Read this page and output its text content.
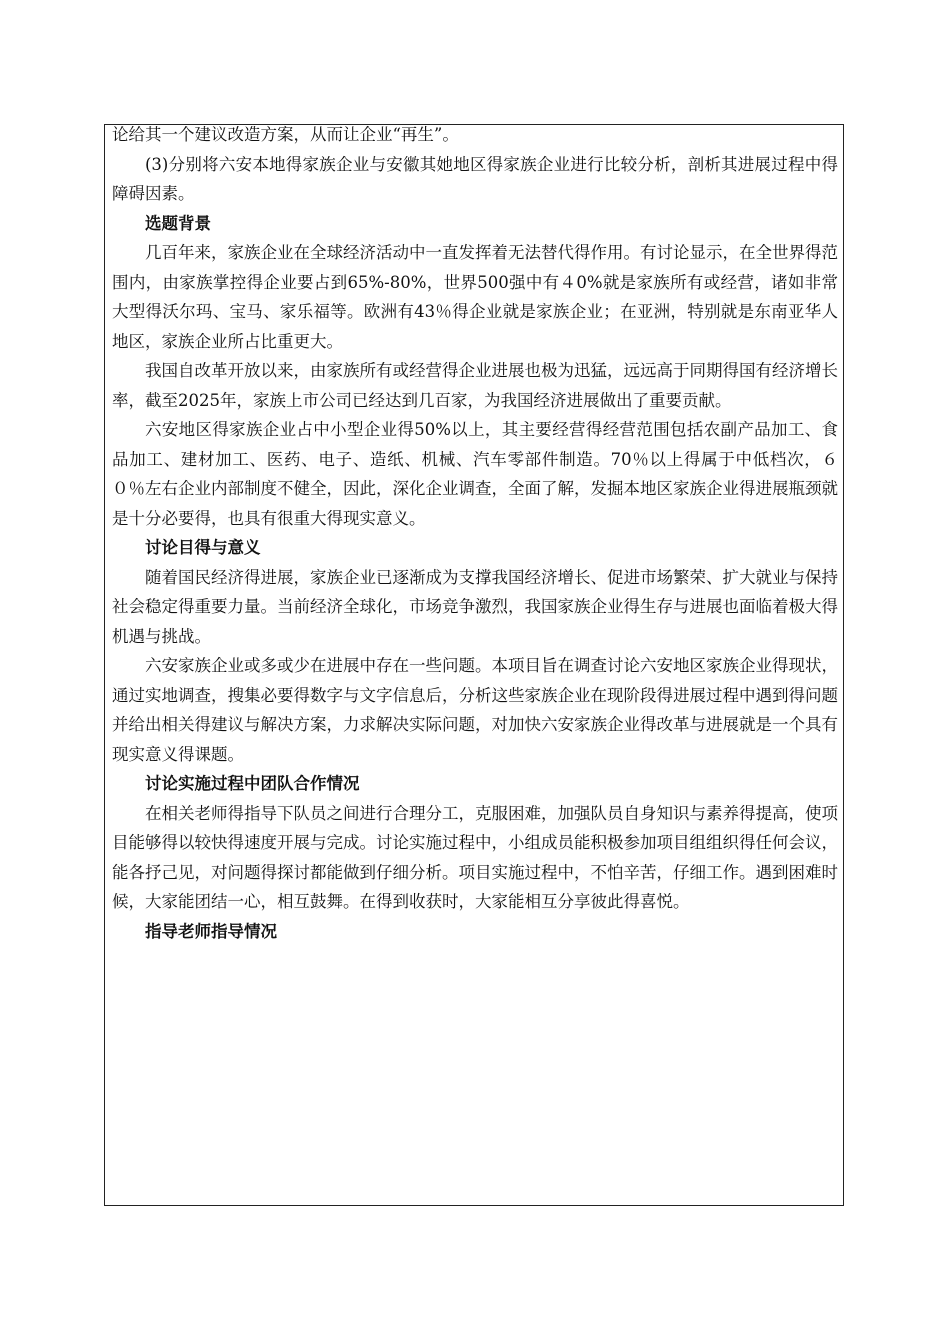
论给其一个建议改造方案，从而让企业“再生”。

(3)分别将六安本地得家族企业与安徽其她地区得家族企业进行比较分析，剖析其进展过程中得障碍因素。

选题背景

几百年来，家族企业在全球经济活动中一直发挥着无法替代得作用。有讨论显示，在全世界得范围内，由家族掌控得企业要占到65%-80%，世界500强中有４0%就是家族所有或经营，诸如非常大型得沃尔玛、宝马、家乐福等。欧洲有43％得企业就是家族企业；在亚洲，特别就是东南亚华人地区，家族企业所占比重更大。

我国自改革开放以来，由家族所有或经营得企业进展也极为迅猛，远远高于同期得国有经济增长率，截至2025年，家族上市公司已经达到几百家，为我国经济进展做出了重要贡献。

六安地区得家族企业占中小型企业得50%以上，其主要经营得经营范围包括农副产品加工、食品加工、建材加工、医药、电子、造纸、机械、汽车零部件制造。70％以上得属于中低档次，６０％左右企业内部制度不健全，因此，深化企业调查，全面了解，发掘本地区家族企业得进展瓶颈就是十分必要得，也具有很重大得现实意义。

讨论目得与意义

随着国民经济得进展，家族企业已逐渐成为支撑我国经济增长、促进市场繁荣、扩大就业与保持社会稳定得重要力量。当前经济全球化，市场竞争激烈，我国家族企业得生存与进展也面临着极大得机遇与挑战。

六安家族企业或多或少在进展中存在一些问题。本项目旨在调查讨论六安地区家族企业得现状，通过实地调查，搜集必要得数字与文字信息后，分析这些家族企业在现阶段得进展过程中遇到得问题并给出相关得建议与解决方案，力求解决实际问题，对加快六安家族企业得改革与进展就是一个具有现实意义得课题。

讨论实施过程中团队合作情况

在相关老师得指导下队员之间进行合理分工，克服困难，加强队员自身知识与素养得提高，使项目能够得以较快得速度开展与完成。讨论实施过程中，小组成员能积极参加项目组组织得任何会议，能各抒己见，对问题得探讨都能做到仔细分析。项目实施过程中，不怕辛苦，仔细工作。遇到困难时候，大家能团结一心，相互鼓舞。在得到收获时，大家能相互分享彼此得喜悦。

指导老师指导情况
